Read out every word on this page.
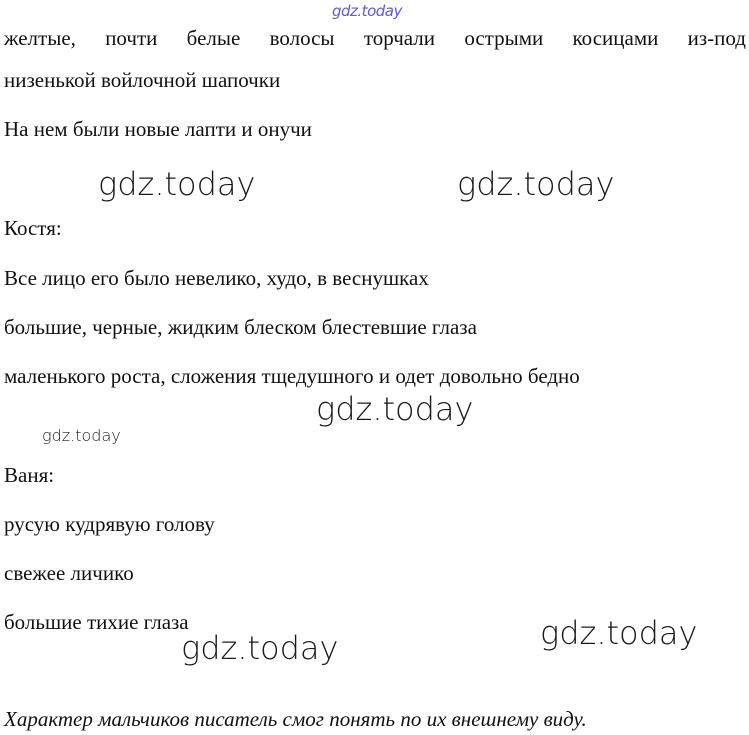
gdz.today
gdz.today	gdz.today
gdz.today
gdz.today
gdz.today
gdz.today
желтые, почти белые волосы торчали острыми косицами из-под
низенькой войлочной шапочки
На нем были новые лапти и онучи
Костя:
Все лицо его было невелико, худо, в веснушках
большие, черные, жидким блеском блестевшие глаза
маленького роста, сложения тщедушного и одет довольно бедно
Ваня:
русую кудрявую голову
свежее личико
большие тихие глаза
Характер мальчиков писатель смог понять по их внешнему виду.
